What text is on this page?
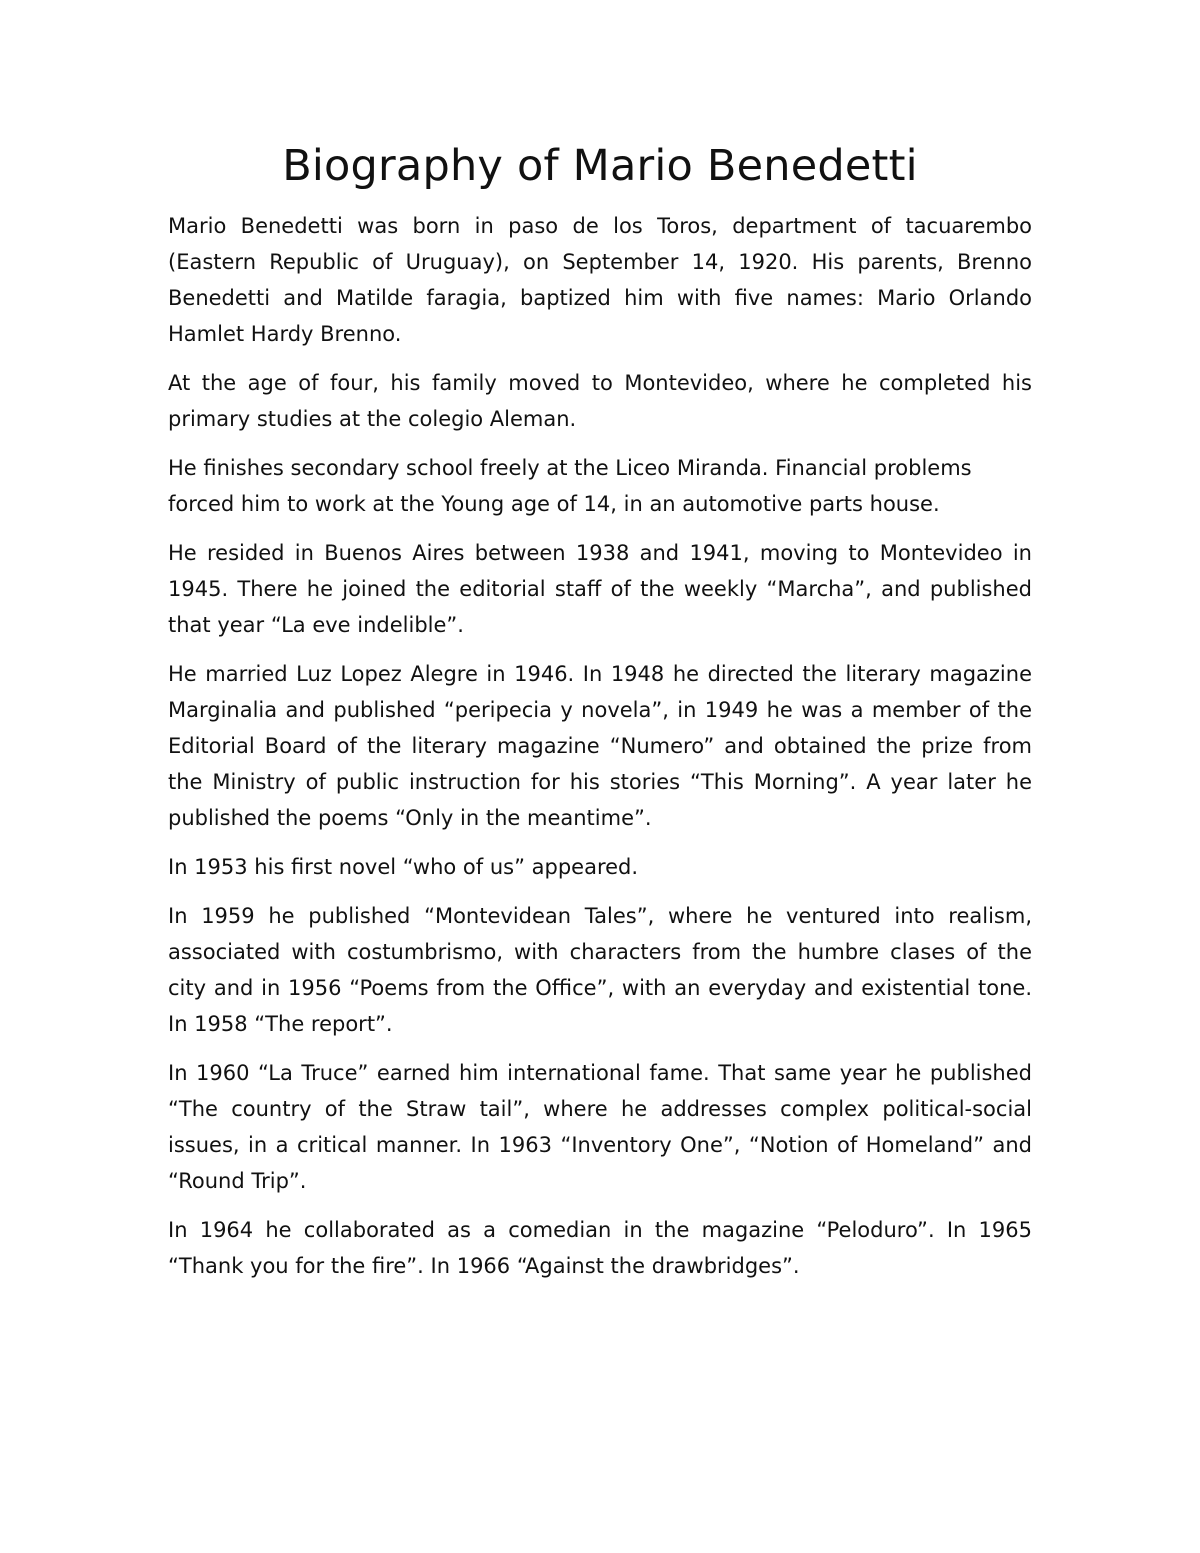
Biography of Mario Benedetti

Mario Benedetti was born in paso de los Toros, department of tacuarembo (Eastern Republic of Uruguay), on September 14, 1920. His parents, Brenno Benedetti and Matilde faragia, baptized him with five names: Mario Orlando Hamlet Hardy Brenno.

At the age of four, his family moved to Montevideo, where he completed his primary studies at the colegio Aleman.

He finishes secondary school freely at the Liceo Miranda. Financial problems forced him to work at the Young age of 14, in an automotive parts house.

He resided in Buenos Aires between 1938 and 1941, moving to Montevideo in 1945. There he joined the editorial staff of the weekly “Marcha”, and published that year “La eve indelible”.

He married Luz Lopez Alegre in 1946. In 1948 he directed the literary magazine Marginalia and published “peripecia y novela”, in 1949 he was a member of the Editorial Board of the literary magazine “Numero” and obtained the prize from the Ministry of public instruction for his stories “This Morning”. A year later he published the poems “Only in the meantime”.

In 1953 his first novel “who of us” appeared.

In 1959 he published “Montevidean Tales”, where he ventured into realism, associated with costumbrismo, with characters from the humbre clases of the city and in 1956 “Poems from the Office”, with an everyday and existential tone. In 1958 “The report”.

In 1960 “La Truce” earned him international fame. That same year he published “The country of the Straw tail”, where he addresses complex political-social issues, in a critical manner. In 1963 “Inventory One”, “Notion of Homeland” and “Round Trip”.

In 1964 he collaborated as a comedian in the magazine “Peloduro”. In 1965 “Thank you for the fire”. In 1966 “Against the drawbridges”.
